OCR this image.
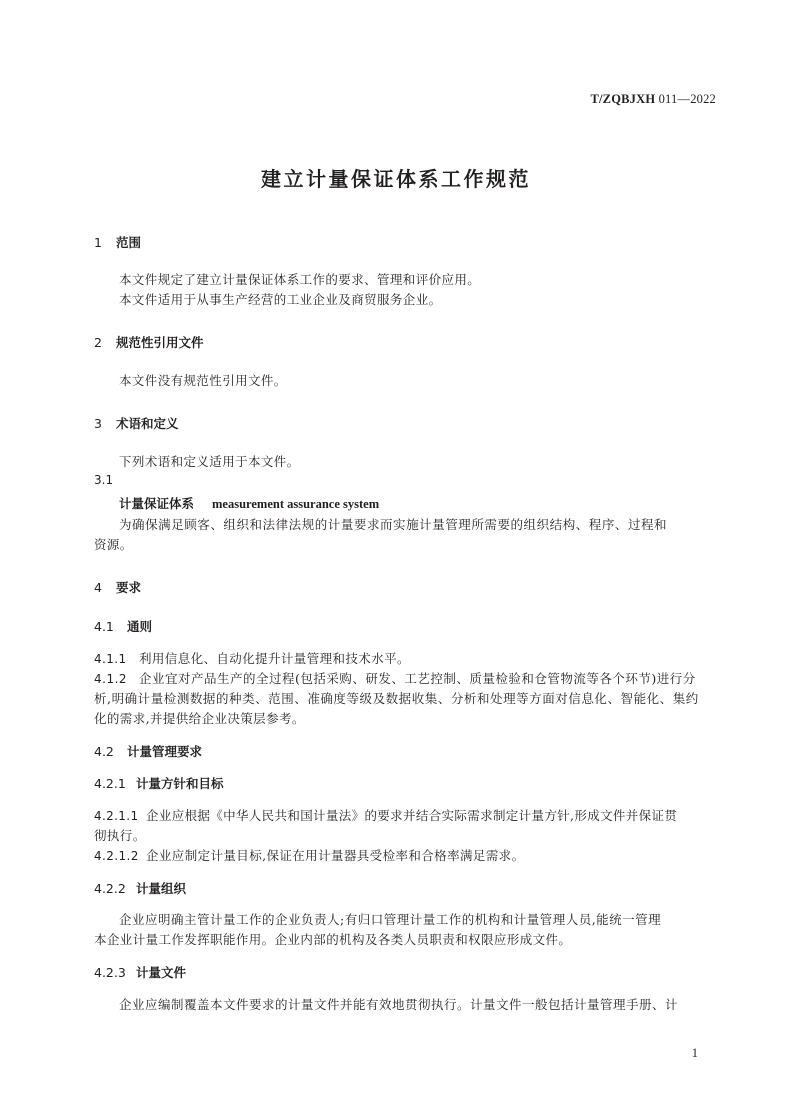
T/ZQBJXH 011—2022
建立计量保证体系工作规范
1 范围
本文件规定了建立计量保证体系工作的要求、管理和评价应用。
本文件适用于从事生产经营的工业企业及商贸服务企业。
2 规范性引用文件
本文件没有规范性引用文件。
3 术语和定义
下列术语和定义适用于本文件。
3.1
计量保证体系 measurement assurance system
为确保满足顾客、组织和法律法规的计量要求而实施计量管理所需要的组织结构、程序、过程和
资源。
4 要求
4.1 通则
4.1.1 利用信息化、自动化提升计量管理和技术水平。
4.1.2 企业宜对产品生产的全过程(包括采购、研发、工艺控制、质量检验和仓管物流等各个环节)进行分
析,明确计量检测数据的种类、范围、准确度等级及数据收集、分析和处理等方面对信息化、智能化、集约
化的需求,并提供给企业决策层参考。
4.2 计量管理要求
4.2.1 计量方针和目标
4.2.1.1 企业应根据《中华人民共和国计量法》的要求并结合实际需求制定计量方针,形成文件并保证贯
彻执行。
4.2.1.2 企业应制定计量目标,保证在用计量器具受检率和合格率满足需求。
4.2.2 计量组织
企业应明确主管计量工作的企业负责人;有归口管理计量工作的机构和计量管理人员,能统一管理
本企业计量工作发挥职能作用。企业内部的机构及各类人员职责和权限应形成文件。
4.2.3 计量文件
企业应编制覆盖本文件要求的计量文件并能有效地贯彻执行。计量文件一般包括计量管理手册、计
1
